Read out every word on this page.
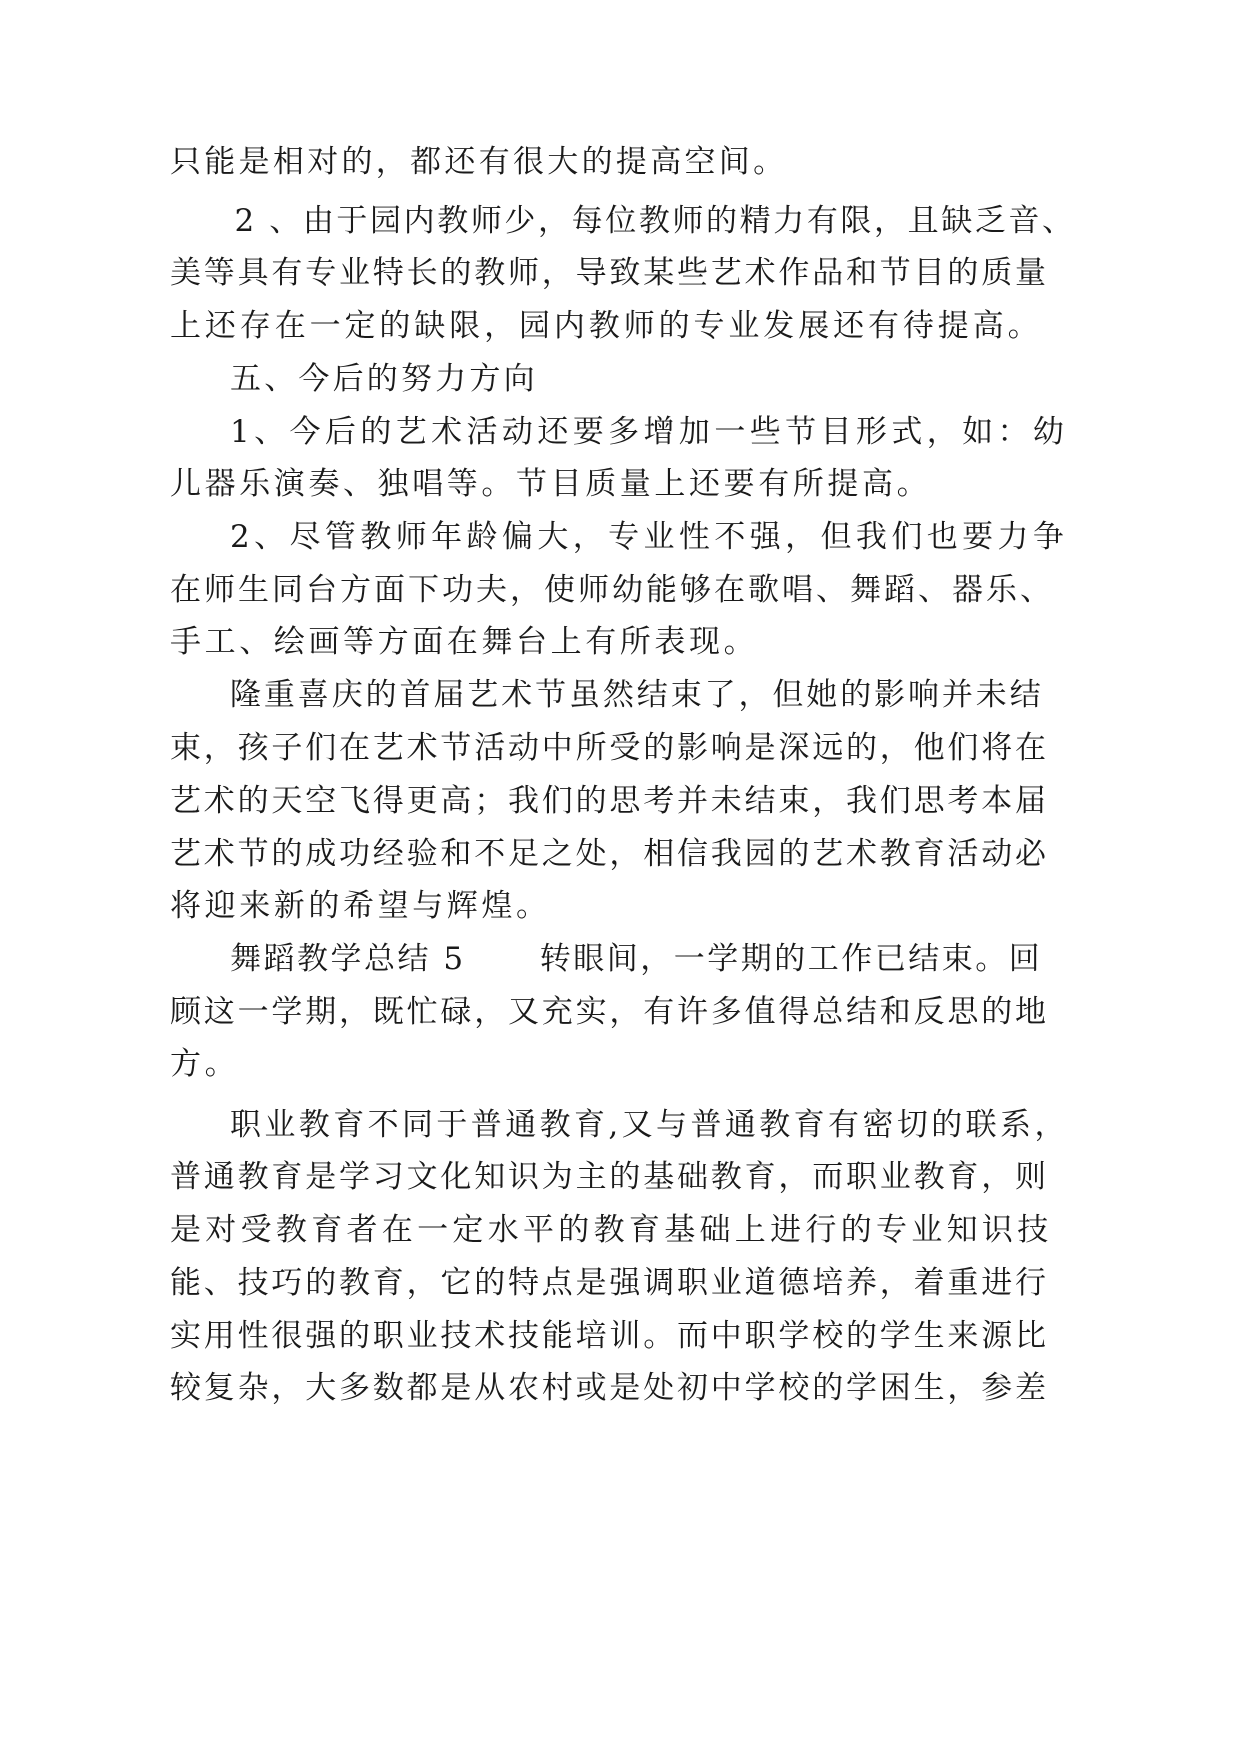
只能是相对的，都还有很大的提高空间。
2 、由于园内教师少，每位教师的精力有限，且缺乏音、
美等具有专业特长的教师，导致某些艺术作品和节目的质量
上还存在一定的缺限，园内教师的专业发展还有待提高。
五、今后的努力方向
1、今后的艺术活动还要多增加一些节目形式，如：幼
儿器乐演奏、独唱等。节目质量上还要有所提高。
2、尽管教师年龄偏大，专业性不强，但我们也要力争
在师生同台方面下功夫，使师幼能够在歌唱、舞蹈、器乐、
手工、绘画等方面在舞台上有所表现。
隆重喜庆的首届艺术节虽然结束了，但她的影响并未结
束，孩子们在艺术节活动中所受的影响是深远的，他们将在
艺术的天空飞得更高；我们的思考并未结束，我们思考本届
艺术节的成功经验和不足之处，相信我园的艺术教育活动必
将迎来新的希望与辉煌。
舞蹈教学总结 5      转眼间，一学期的工作已结束。回
顾这一学期，既忙碌，又充实，有许多值得总结和反思的地
方。
职业教育不同于普通教育,又与普通教育有密切的联系，
普通教育是学习文化知识为主的基础教育，而职业教育，则
是对受教育者在一定水平的教育基础上进行的专业知识技
能、技巧的教育，它的特点是强调职业道德培养，着重进行
实用性很强的职业技术技能培训。而中职学校的学生来源比
较复杂，大多数都是从农村或是处初中学校的学困生，参差
